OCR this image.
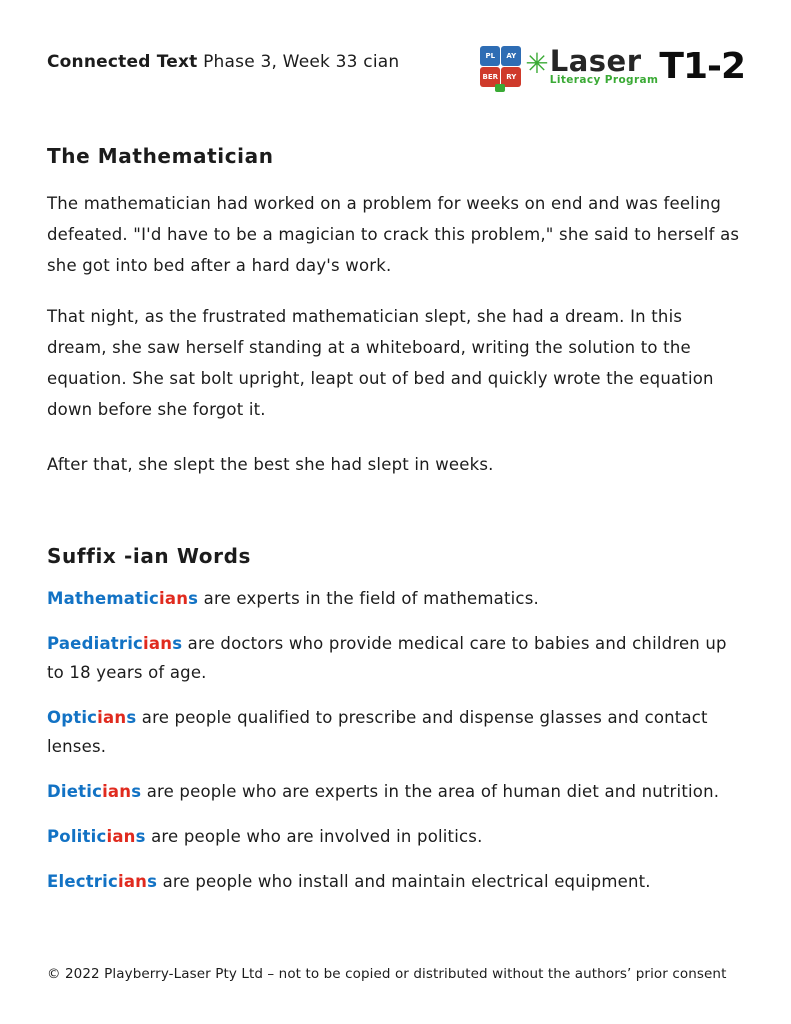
Connected Text Phase 3, Week 33 cian	PL	AY
BER	RY ✳ Laser
Literacy Program T1-2
The Mathematician

The mathematician had worked on a problem for weeks on end and was feeling defeated. "I'd have to be a magician to crack this problem," she said to herself as she got into bed after a hard day's work.

That night, as the frustrated mathematician slept, she had a dream. In this dream, she saw herself standing at a whiteboard, writing the solution to the equation. She sat bolt upright, leapt out of bed and quickly wrote the equation down before she forgot it.

After that, she slept the best she had slept in weeks.

Suffix -ian Words

Mathematicians are experts in the field of mathematics.

Paediatricians are doctors who provide medical care to babies and children up to 18 years of age.

Opticians are people qualified to prescribe and dispense glasses and contact lenses.

Dieticians are people who are experts in the area of human diet and nutrition.

Politicians are people who are involved in politics.

Electricians are people who install and maintain electrical equipment.

© 2022 Playberry-Laser Pty Ltd – not to be copied or distributed without the authors’ prior consent
